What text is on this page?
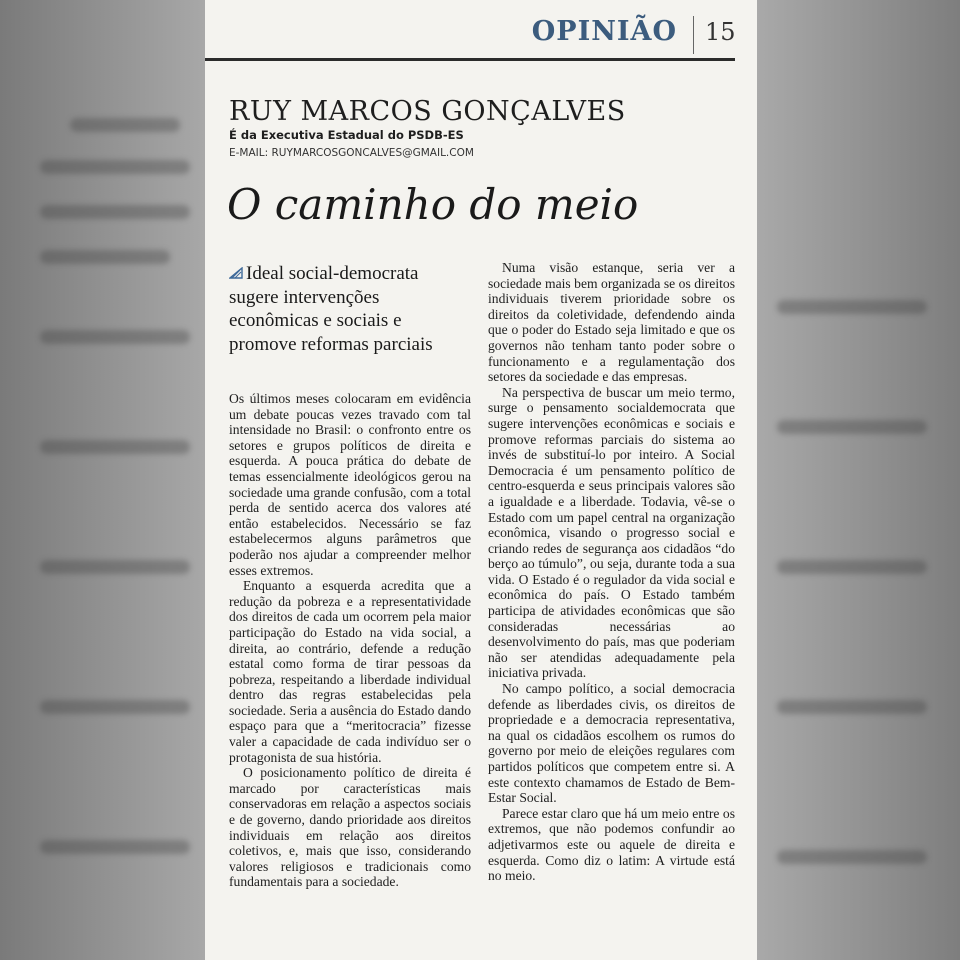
OPINIÃO 15
RUY MARCOS GONÇALVES
É da Executiva Estadual do PSDB-ES
E-MAIL: RUYMARCOSGONCALVES@GMAIL.COM
O caminho do meio
Ideal social-democrata sugere intervenções econômicas e sociais e promove reformas parciais

Os últimos meses colocaram em evidência um debate poucas vezes travado com tal intensidade no Brasil: o confronto entre os setores e grupos políticos de direita e esquerda. A pouca prática do debate de temas essencialmente ideológicos gerou na sociedade uma grande confusão, com a total perda de sentido acerca dos valores até então estabelecidos. Necessário se faz estabelecermos alguns parâmetros que poderão nos ajudar a compreender melhor esses extremos.

Enquanto a esquerda acredita que a redução da pobreza e a representatividade dos direitos de cada um ocorrem pela maior participação do Estado na vida social, a direita, ao contrário, defende a redução estatal como forma de tirar pessoas da pobreza, respeitando a liberdade individual dentro das regras estabelecidas pela sociedade. Seria a ausência do Estado dando espaço para que a “meritocracia” fizesse valer a capacidade de cada indivíduo ser o protagonista de sua história.

O posicionamento político de direita é marcado por características mais conservadoras em relação a aspectos sociais e de governo, dando prioridade aos direitos individuais em relação aos direitos coletivos, e, mais que isso, considerando valores religiosos e tradicionais como fundamentais para a sociedade.

Numa visão estanque, seria ver a sociedade mais bem organizada se os direitos individuais tiverem prioridade sobre os direitos da coletividade, defendendo ainda que o poder do Estado seja limitado e que os governos não tenham tanto poder sobre o funcionamento e a regulamentação dos setores da sociedade e das empresas.

Na perspectiva de buscar um meio termo, surge o pensamento socialdemocrata que sugere intervenções econômicas e sociais e promove reformas parciais do sistema ao invés de substituí-lo por inteiro. A Social Democracia é um pensamento político de centro-esquerda e seus principais valores são a igualdade e a liberdade. Todavia, vê-se o Estado com um papel central na organização econômica, visando o progresso social e criando redes de segurança aos cidadãos “do berço ao túmulo”, ou seja, durante toda a sua vida. O Estado é o regulador da vida social e econômica do país. O Estado também participa de atividades econômicas que são consideradas necessárias ao desenvolvimento do país, mas que poderiam não ser atendidas adequadamente pela iniciativa privada.

No campo político, a social democracia defende as liberdades civis, os direitos de propriedade e a democracia representativa, na qual os cidadãos escolhem os rumos do governo por meio de eleições regulares com partidos políticos que competem entre si. A este contexto chamamos de Estado de Bem-Estar Social.

Parece estar claro que há um meio entre os extremos, que não podemos confundir ao adjetivarmos este ou aquele de direita e esquerda. Como diz o latim: A virtude está no meio.
